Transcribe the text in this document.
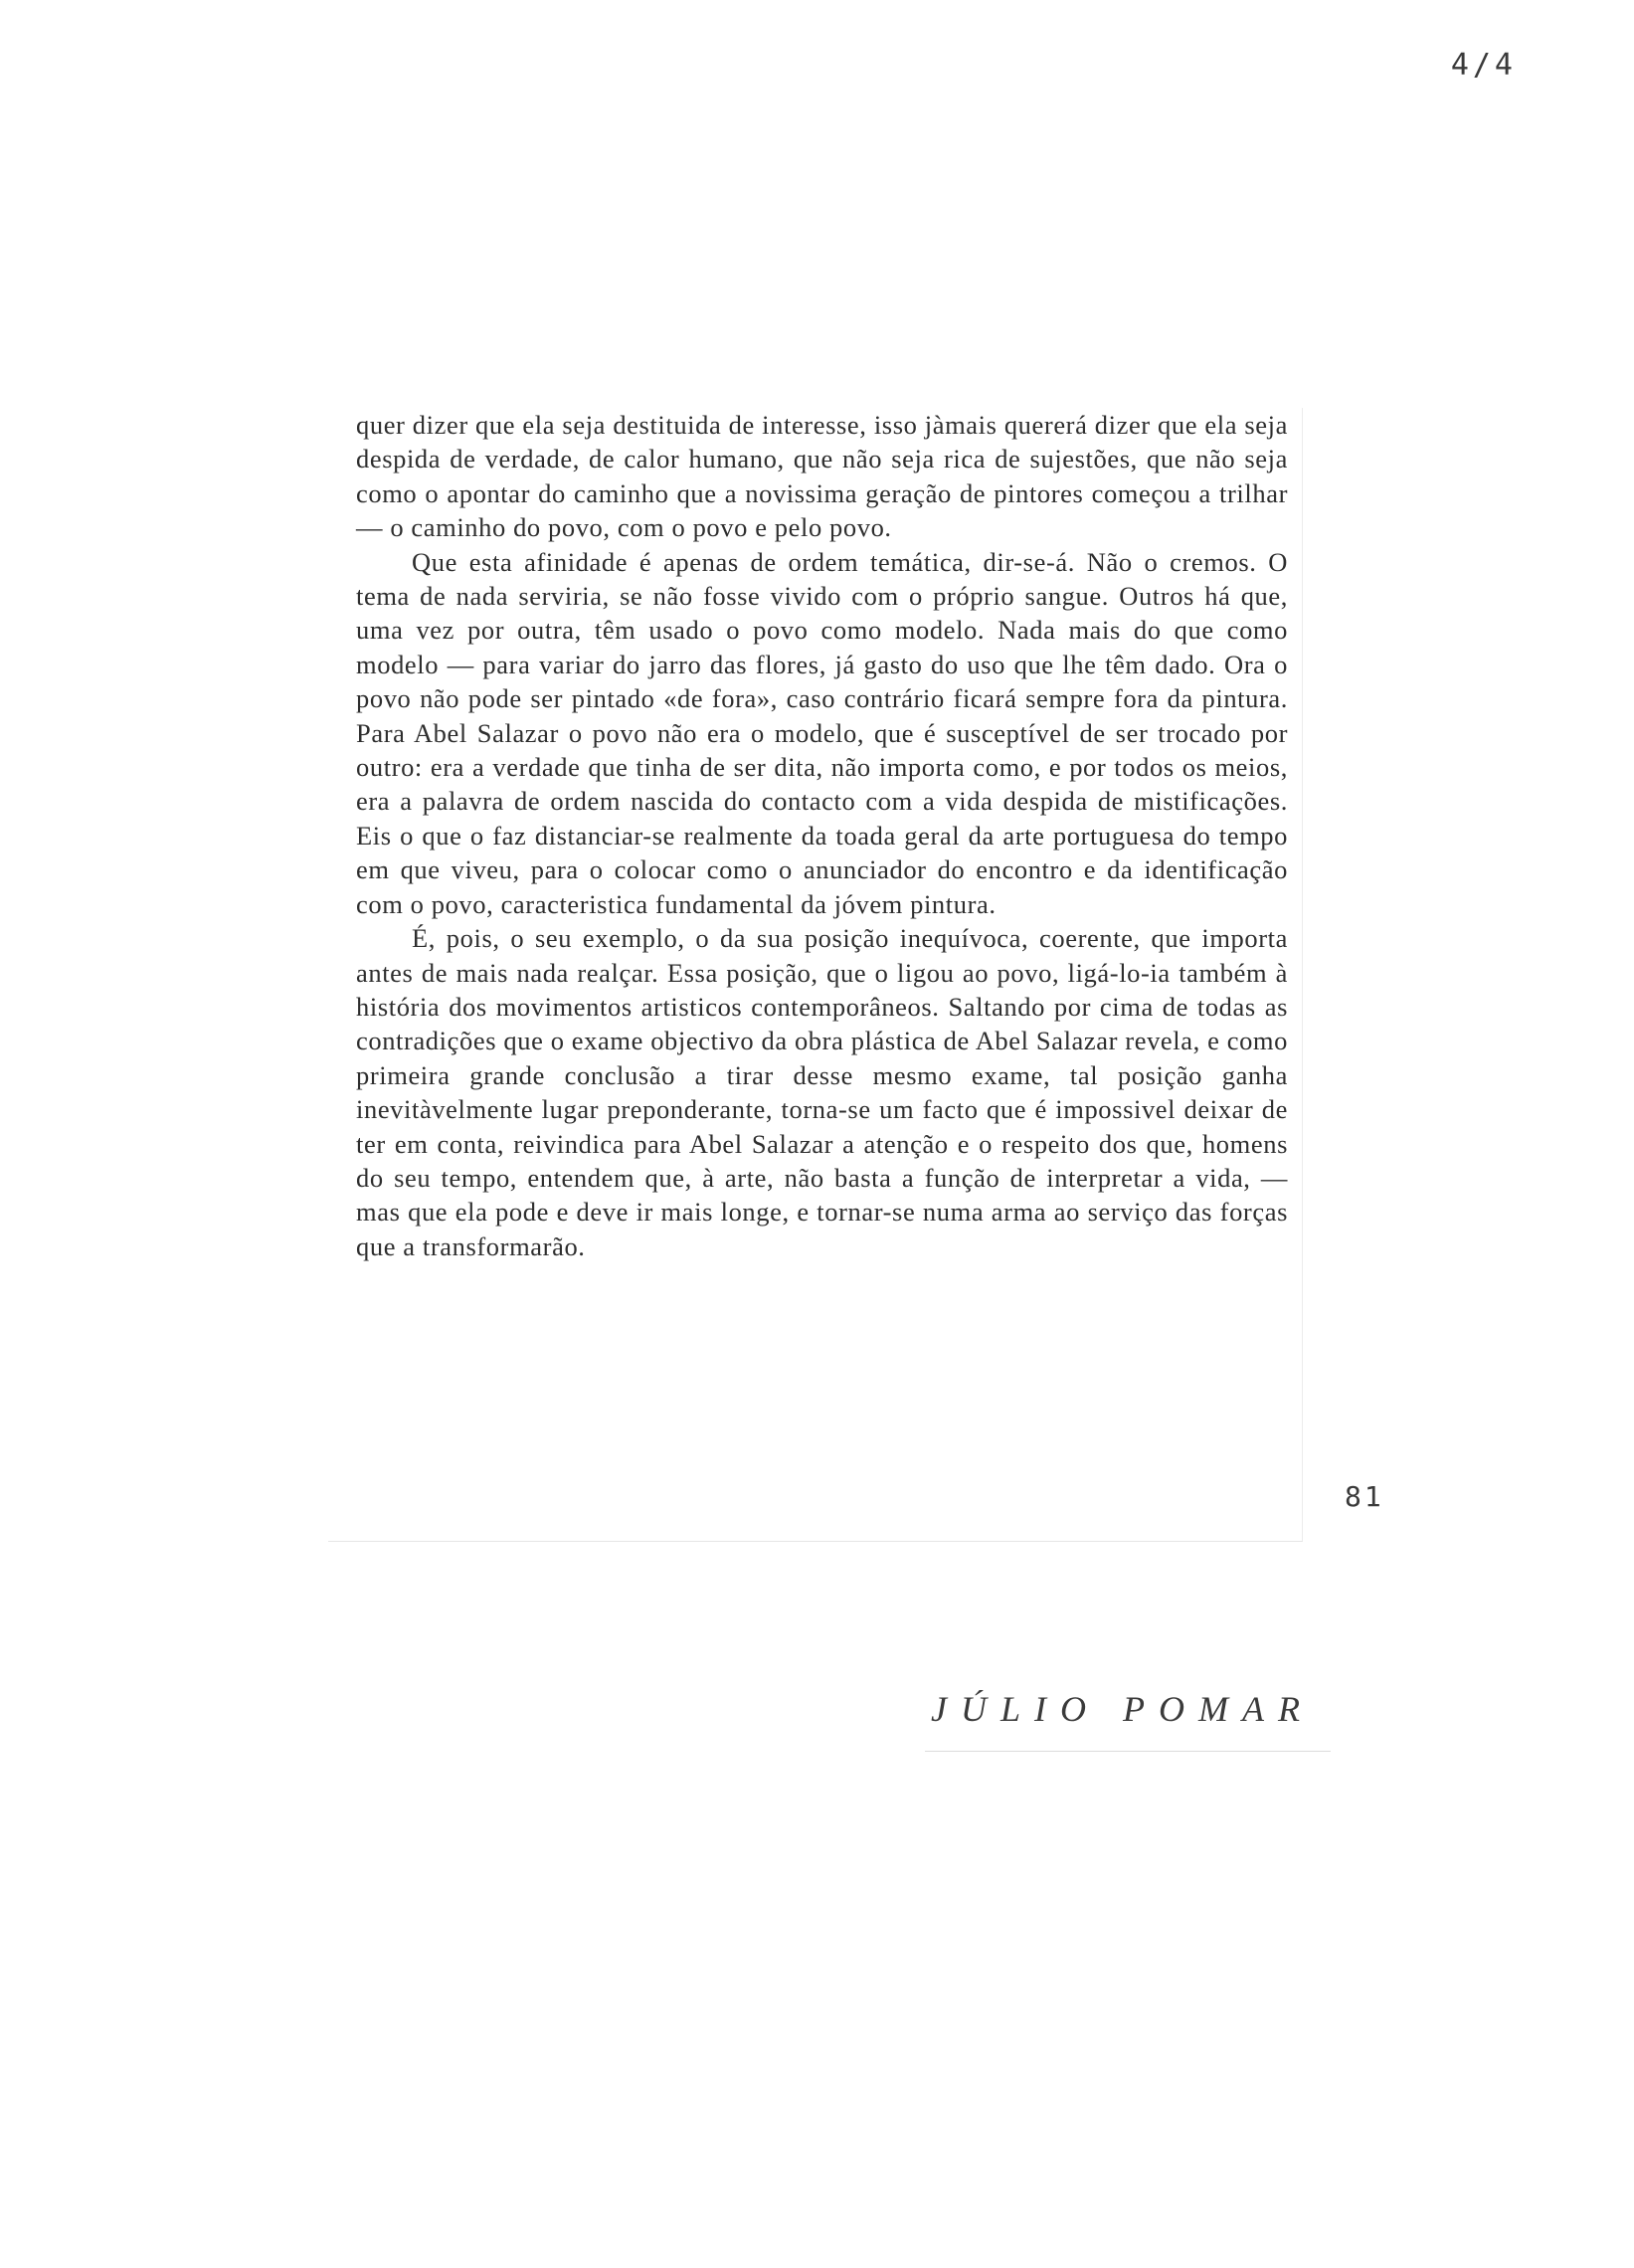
4/4

quer dizer que ela seja destituida de interesse, isso jàmais quererá dizer que ela seja despida de verdade, de calor humano, que não seja rica de sujestões, que não seja como o apontar do caminho que a novissima geração de pintores começou a trilhar — o caminho do povo, com o povo e pelo povo.

Que esta afinidade é apenas de ordem temática, dir-se-á. Não o cremos. O tema de nada serviria, se não fosse vivido com o próprio sangue. Outros há que, uma vez por outra, têm usado o povo como modelo. Nada mais do que como modelo — para variar do jarro das flores, já gasto do uso que lhe têm dado. Ora o povo não pode ser pintado «de fora», caso contrário ficará sempre fora da pintura. Para Abel Salazar o povo não era o modelo, que é susceptível de ser trocado por outro: era a verdade que tinha de ser dita, não importa como, e por todos os meios, era a palavra de ordem nascida do contacto com a vida despida de mistificações. Eis o que o faz distanciar-se realmente da toada geral da arte portuguesa do tempo em que viveu, para o colocar como o anunciador do encontro e da identificação com o povo, caracteristica fundamental da jóvem pintura.

É, pois, o seu exemplo, o da sua posição inequívoca, coerente, que importa antes de mais nada realçar. Essa posição, que o ligou ao povo, ligá-lo-ia também à história dos movimentos artisticos contemporâneos. Saltando por cima de todas as contradições que o exame objectivo da obra plástica de Abel Salazar revela, e como primeira grande conclusão a tirar desse mesmo exame, tal posição ganha inevitàvelmente lugar preponderante, torna-se um facto que é impossivel deixar de ter em conta, reivindica para Abel Salazar a atenção e o respeito dos que, homens do seu tempo, entendem que, à arte, não basta a função de interpretar a vida, — mas que ela pode e deve ir mais longe, e tornar-se numa arma ao serviço das forças que a transformarão.

81
JÚLIO POMAR
